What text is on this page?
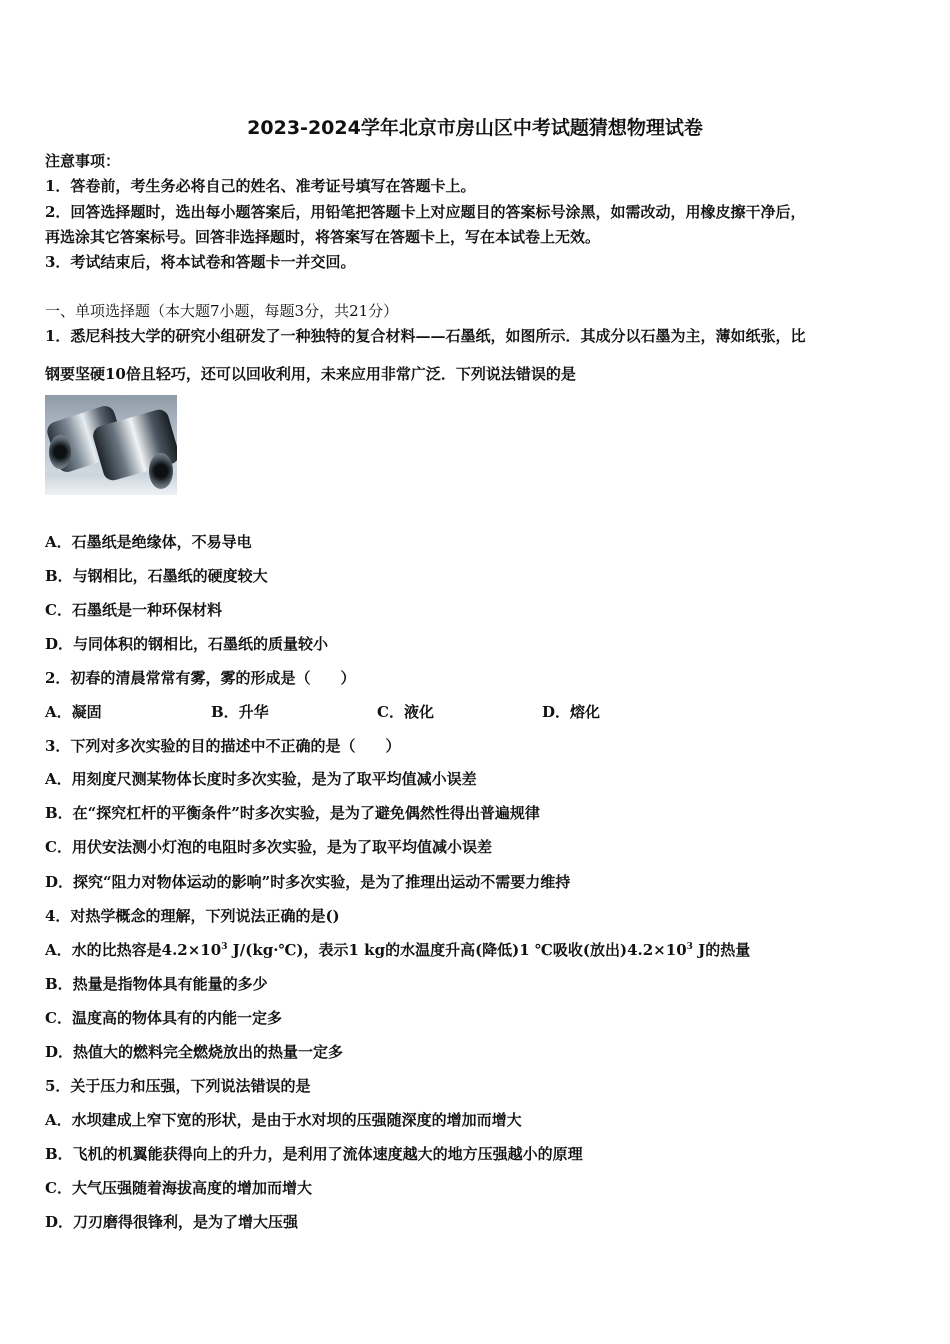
2023-2024学年北京市房山区中考试题猜想物理试卷
注意事项：
1．答卷前，考生务必将自己的姓名、准考证号填写在答题卡上。
2．回答选择题时，选出每小题答案后，用铅笔把答题卡上对应题目的答案标号涂黑，如需改动，用橡皮擦干净后，
再选涂其它答案标号。回答非选择题时，将答案写在答题卡上，写在本试卷上无效。
3．考试结束后，将本试卷和答题卡一并交回。
一、单项选择题（本大题7小题，每题3分，共21分）
1．悉尼科技大学的研究小组研发了一种独特的复合材料——石墨纸，如图所示．其成分以石墨为主，薄如纸张，比
钢要坚硬10倍且轻巧，还可以回收利用，未来应用非常广泛．下列说法错误的是
A．石墨纸是绝缘体，不易导电
B．与钢相比，石墨纸的硬度较大
C．石墨纸是一种环保材料
D．与同体积的钢相比，石墨纸的质量较小
2．初春的清晨常常有雾，雾的形成是（　　）
A．凝固	B．升华	C．液化	D．熔化
3．下列对多次实验的目的描述中不正确的是（　　）
A．用刻度尺测某物体长度时多次实验，是为了取平均值减小误差
B．在“探究杠杆的平衡条件”时多次实验，是为了避免偶然性得出普遍规律
C．用伏安法测小灯泡的电阻时多次实验，是为了取平均值减小误差
D．探究“阻力对物体运动的影响”时多次实验，是为了推理出运动不需要力维持
4．对热学概念的理解，下列说法正确的是()
A．水的比热容是$4.2\times 10^3$ J/(kg·℃)，表示1 kg的水温度升高(降低)1 ℃吸收(放出)$4.2\times 10^3$ J的热量
B．热量是指物体具有能量的多少
C．温度高的物体具有的内能一定多
D．热值大的燃料完全燃烧放出的热量一定多
5．关于压力和压强，下列说法错误的是
A．水坝建成上窄下宽的形状，是由于水对坝的压强随深度的增加而增大
B．飞机的机翼能获得向上的升力，是利用了流体速度越大的地方压强越小的原理
C．大气压强随着海拔高度的增加而增大
D．刀刃磨得很锋利，是为了增大压强
